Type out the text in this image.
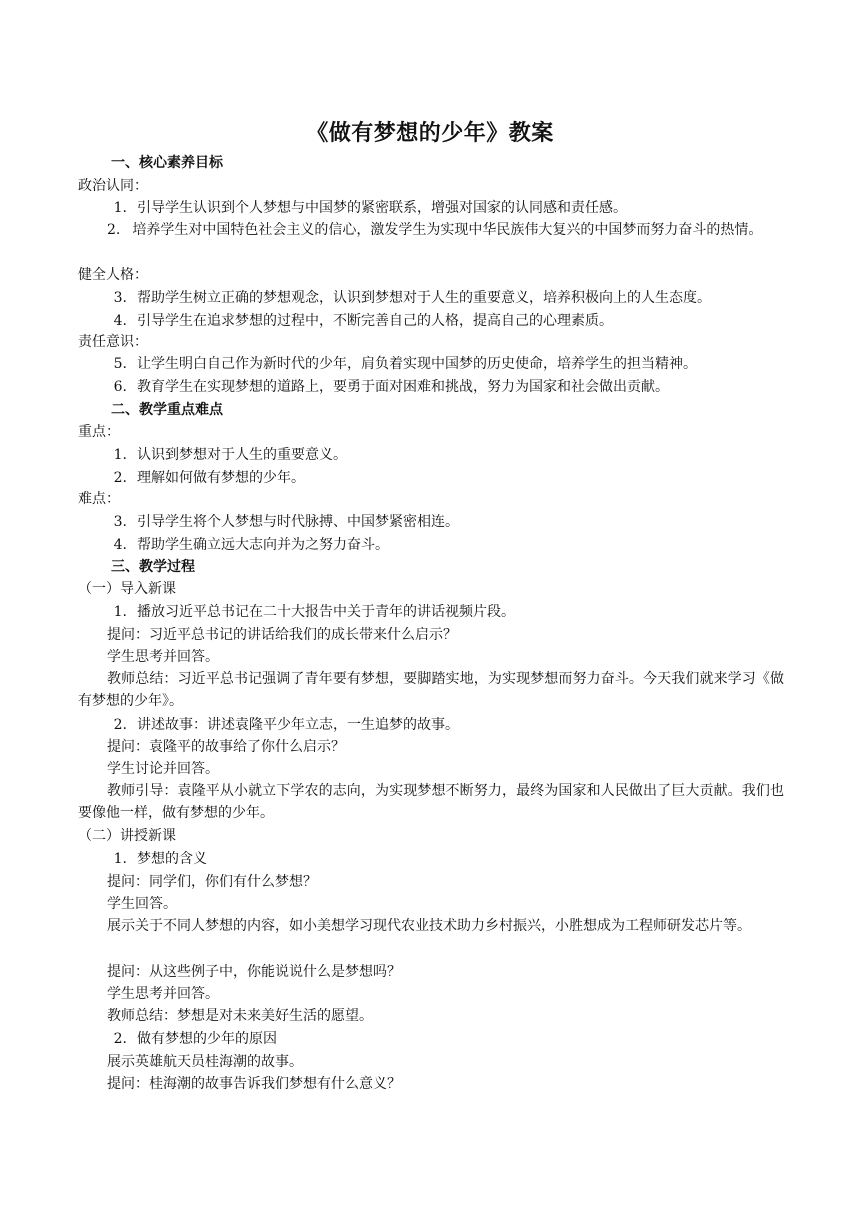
《做有梦想的少年》教案
一、核心素养目标
政治认同：
1. 引导学生认识到个人梦想与中国梦的紧密联系，增强对国家的认同感和责任感。
2. 培养学生对中国特色社会主义的信心，激发学生为实现中华民族伟大复兴的中国梦而努力奋斗的热情。
健全人格：
3. 帮助学生树立正确的梦想观念，认识到梦想对于人生的重要意义，培养积极向上的人生态度。
4. 引导学生在追求梦想的过程中，不断完善自己的人格，提高自己的心理素质。
责任意识：
5. 让学生明白自己作为新时代的少年，肩负着实现中国梦的历史使命，培养学生的担当精神。
6. 教育学生在实现梦想的道路上，要勇于面对困难和挑战，努力为国家和社会做出贡献。
二、教学重点难点
重点：
1. 认识到梦想对于人生的重要意义。
2. 理解如何做有梦想的少年。
难点：
3. 引导学生将个人梦想与时代脉搏、中国梦紧密相连。
4. 帮助学生确立远大志向并为之努力奋斗。
三、教学过程
（一）导入新课
1. 播放习近平总书记在二十大报告中关于青年的讲话视频片段。
提问：习近平总书记的讲话给我们的成长带来什么启示？
学生思考并回答。
教师总结：习近平总书记强调了青年要有梦想，要脚踏实地，为实现梦想而努力奋斗。今天我们就来学习《做有梦想的少年》。
2. 讲述故事：讲述袁隆平少年立志，一生追梦的故事。
提问：袁隆平的故事给了你什么启示？
学生讨论并回答。
教师引导：袁隆平从小就立下学农的志向，为实现梦想不断努力，最终为国家和人民做出了巨大贡献。我们也要像他一样，做有梦想的少年。
（二）讲授新课
1. 梦想的含义
提问：同学们，你们有什么梦想？
学生回答。
展示关于不同人梦想的内容，如小美想学习现代农业技术助力乡村振兴，小胜想成为工程师研发芯片等。
提问：从这些例子中，你能说说什么是梦想吗？
学生思考并回答。
教师总结：梦想是对未来美好生活的愿望。
2. 做有梦想的少年的原因
展示英雄航天员桂海潮的故事。
提问：桂海潮的故事告诉我们梦想有什么意义？
